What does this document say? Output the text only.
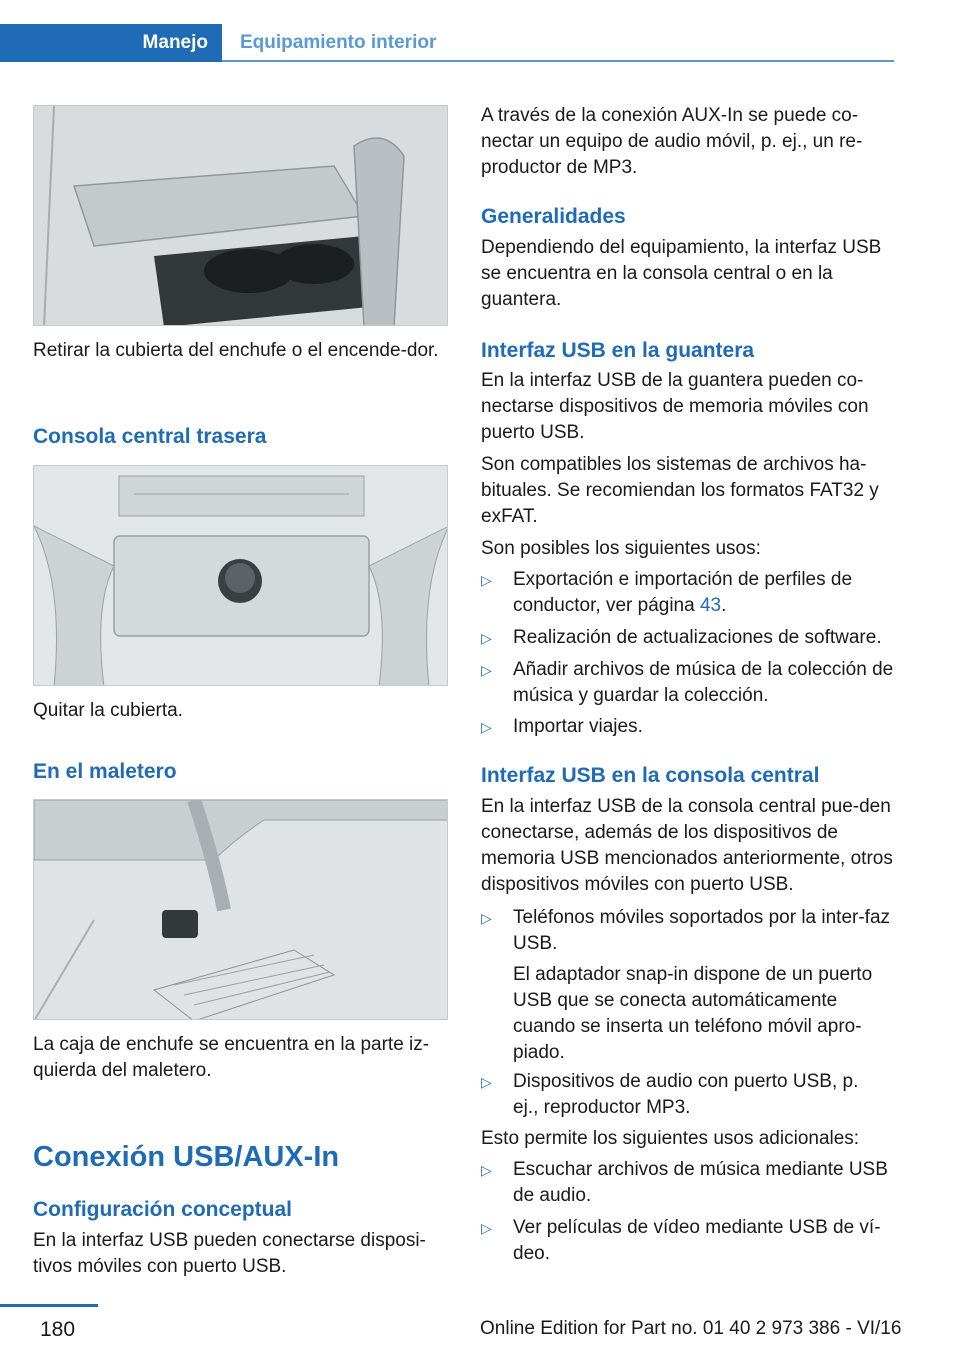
Manejo	Equipamiento interior

Retirar la cubierta del enchufe o el encende-dor.

Consola central trasera

Quitar la cubierta.

En el maletero

La caja de enchufe se encuentra en la parte iz-quierda del maletero.

Conexión USB/AUX-In
Configuración conceptual

En la interfaz USB pueden conectarse disposi-tivos móviles con puerto USB.

A través de la conexión AUX-In se puede co-nectar un equipo de audio móvil, p. ej., un re-productor de MP3.

Generalidades

Dependiendo del equipamiento, la interfaz USB se encuentra en la consola central o en la guantera.

Interfaz USB en la guantera

En la interfaz USB de la guantera pueden co-nectarse dispositivos de memoria móviles con puerto USB.

Son compatibles los sistemas de archivos ha-bituales. Se recomiendan los formatos FAT32 y exFAT.

Son posibles los siguientes usos:

▷ Exportación e importación de perfiles de conductor, ver página 43.
▷ Realización de actualizaciones de software.
▷ Añadir archivos de música de la colección de música y guardar la colección.
▷ Importar viajes.
Interfaz USB en la consola central

En la interfaz USB de la consola central pue-den conectarse, además de los dispositivos de memoria USB mencionados anteriormente, otros dispositivos móviles con puerto USB.

▷ Teléfonos móviles soportados por la inter-faz USB.

El adaptador snap-in dispone de un puerto USB que se conecta automáticamente cuando se inserta un teléfono móvil apro-piado.

▷ Dispositivos de audio con puerto USB, p. ej., reproductor MP3.

Esto permite los siguientes usos adicionales:

▷ Escuchar archivos de música mediante USB de audio.
▷ Ver películas de vídeo mediante USB de ví-deo.
180	Online Edition for Part no. 01 40 2 973 386 - VI/16
